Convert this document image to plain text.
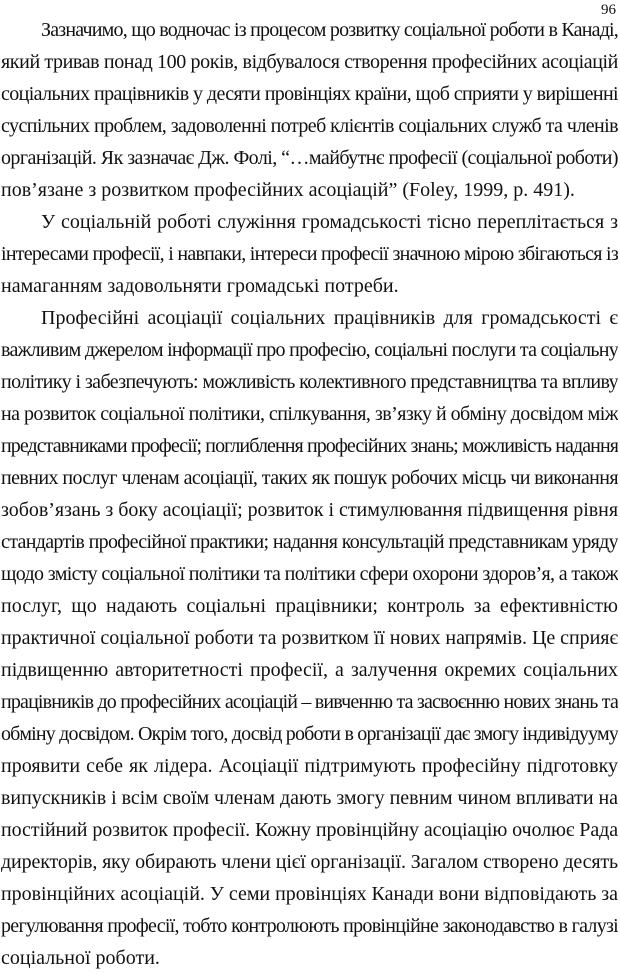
96
Зазначимо, що водночас із процесом розвитку соціальної роботи в Канаді,
який тривав понад 100 років, відбувалося створення професійних асоціацій
соціальних працівників у десяти провінціях країни, щоб сприяти у вирішенні
суспільних проблем, задоволенні потреб клієнтів соціальних служб та членів
організацій. Як зазначає Дж. Фолі, “…майбутнє професії (соціальної роботи)
пов’язане з розвитком професійних асоціацій” (Foley, 1999, p. 491).
У соціальній роботі служіння громадськості тісно переплітається з
інтересами професії, і навпаки, інтереси професії значною мірою збігаються із
намаганням задовольняти громадські потреби.
Професійні асоціації соціальних працівників для громадськості є
важливим джерелом інформації про професію, соціальні послуги та соціальну
політику і забезпечують: можливість колективного представництва та впливу
на розвиток соціальної політики, спілкування, зв’язку й обміну досвідом між
представниками професії; поглиблення професійних знань; можливість надання
певних послуг членам асоціації, таких як пошук робочих місць чи виконання
зобов’язань з боку асоціації; розвиток і стимулювання підвищення рівня
стандартів професійної практики; надання консультацій представникам уряду
щодо змісту соціальної політики та політики сфери охорони здоров’я, а також
послуг, що надають соціальні працівники; контроль за ефективністю
практичної соціальної роботи та розвитком її нових напрямів. Це сприяє
підвищенню авторитетності професії, а залучення окремих соціальних
працівників до професійних асоціацій – вивченню та засвоєнню нових знань та
обміну досвідом. Окрім того, досвід роботи в організації дає змогу індивідууму
проявити себе як лідера. Асоціації підтримують професійну підготовку
випускників і всім своїм членам дають змогу певним чином впливати на
постійний розвиток професії. Кожну провінційну асоціацію очолює Рада
директорів, яку обирають члени цієї організації. Загалом створено десять
провінційних асоціацій. У семи провінціях Канади вони відповідають за
регулювання професії, тобто контролюють провінційне законодавство в галузі
соціальної роботи.
